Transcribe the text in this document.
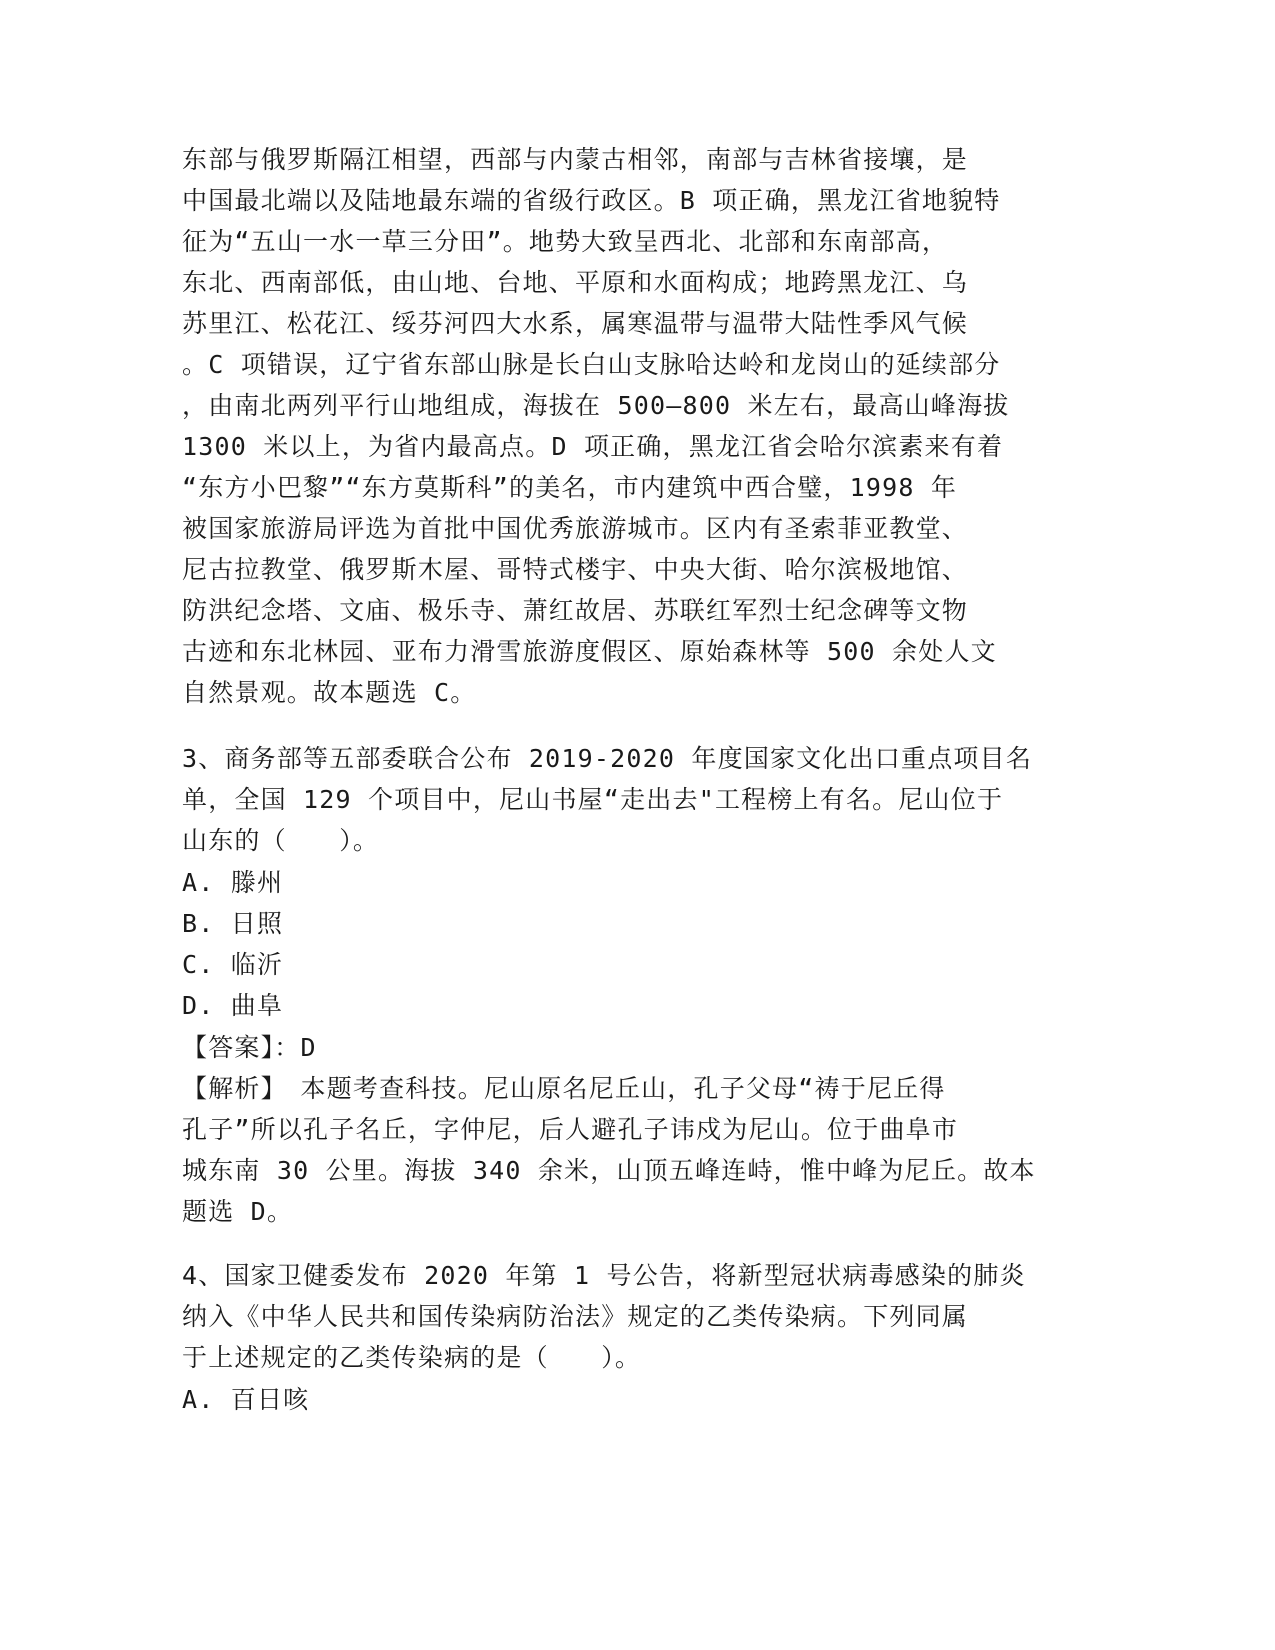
东部与俄罗斯隔江相望，西部与内蒙古相邻，南部与吉林省接壤，是
中国最北端以及陆地最东端的省级行政区。B 项正确，黑龙江省地貌特
征为“五山一水一草三分田”。地势大致呈西北、北部和东南部高，
东北、西南部低，由山地、台地、平原和水面构成；地跨黑龙江、乌
苏里江、松花江、绥芬河四大水系，属寒温带与温带大陆性季风气候
。C 项错误，辽宁省东部山脉是长白山支脉哈达岭和龙岗山的延续部分
，由南北两列平行山地组成，海拔在 500—800 米左右，最高山峰海拔
1300 米以上，为省内最高点。D 项正确，黑龙江省会哈尔滨素来有着
“东方小巴黎”“东方莫斯科”的美名，市内建筑中西合璧，1998 年
被国家旅游局评选为首批中国优秀旅游城市。区内有圣索菲亚教堂、
尼古拉教堂、俄罗斯木屋、哥特式楼宇、中央大街、哈尔滨极地馆、
防洪纪念塔、文庙、极乐寺、萧红故居、苏联红军烈士纪念碑等文物
古迹和东北林园、亚布力滑雪旅游度假区、原始森林等 500 余处人文
自然景观。故本题选 C。
3、商务部等五部委联合公布 2019-2020 年度国家文化出口重点项目名
单，全国 129 个项目中，尼山书屋“走出去"工程榜上有名。尼山位于
山东的（　　）。
A. 滕州
B. 日照
C. 临沂
D. 曲阜
【答案】：D
【解析】　本题考查科技。尼山原名尼丘山，孔子父母“祷于尼丘得
孔子”所以孔子名丘，字仲尼，后人避孔子讳戍为尼山。位于曲阜市
城东南 30 公里。海拔 340 余米，山顶五峰连峙，惟中峰为尼丘。故本
题选 D。
4、国家卫健委发布 2020 年第 1 号公告，将新型冠状病毒感染的肺炎
纳入《中华人民共和国传染病防治法》规定的乙类传染病。下列同属
于上述规定的乙类传染病的是（　　）。
A. 百日咳
